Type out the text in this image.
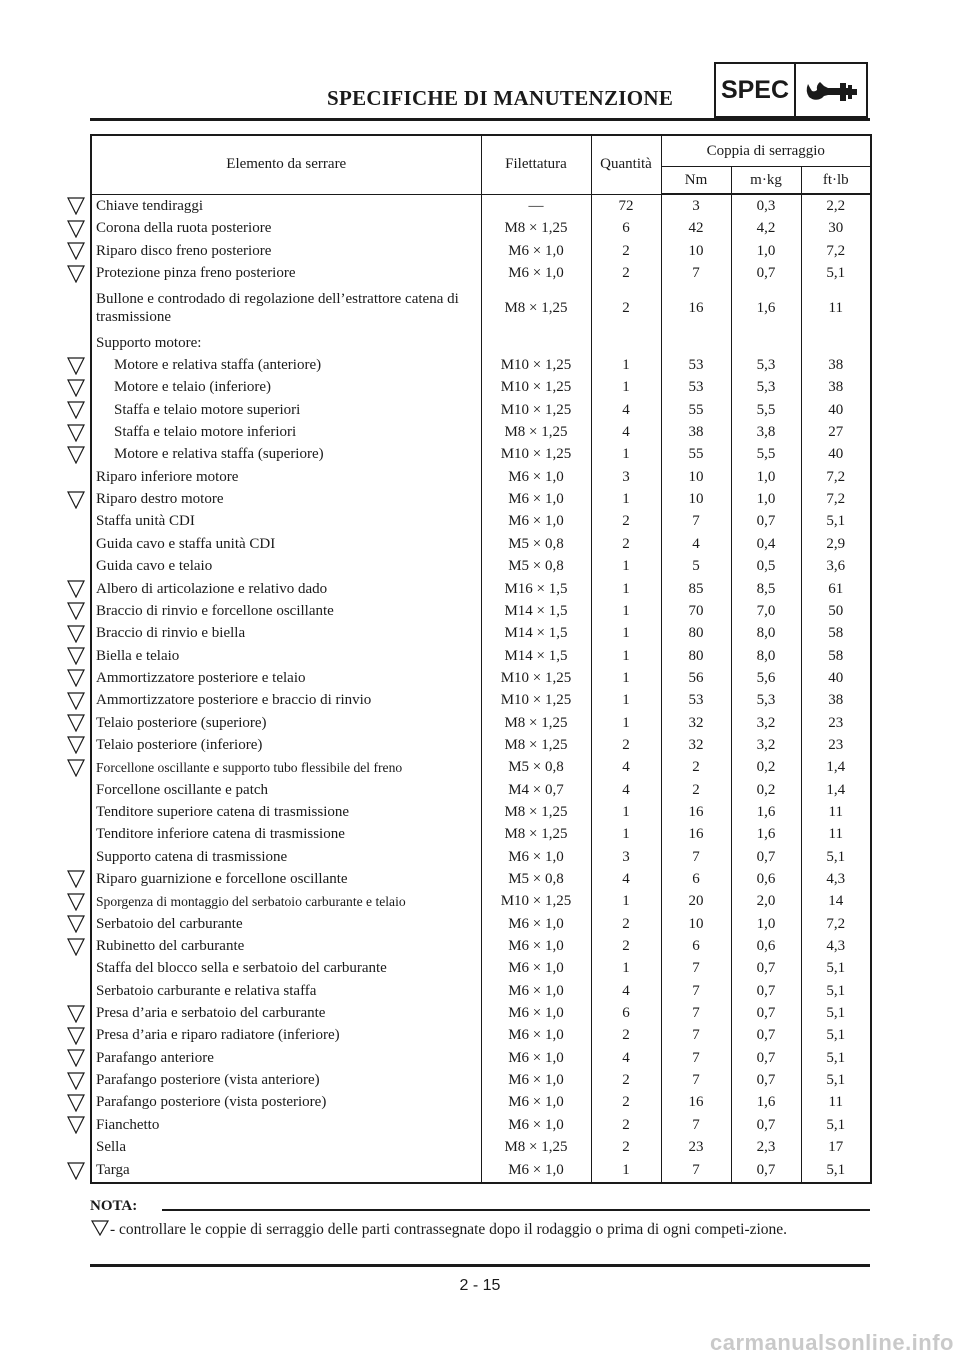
SPECIFICHE DI MANUTENZIONE SPEC
Elemento da serrare	Filettatura	Quantità	Coppia di serraggio		
			Nm	m·kg	ft·lb
Chiave tendiraggi	—	72	3	0,3	2,2
Corona della ruota posteriore	M8 × 1,25	6	42	4,2	30
Riparo disco freno posteriore	M6 × 1,0	2	10	1,0	7,2
Protezione pinza freno posteriore	M6 × 1,0	2	7	0,7	5,1
Bullone e controdado di regolazione dell’estrattore catena di trasmissione	M8 × 1,25	2	16	1,6	11
Supporto motore:					
Motore e relativa staffa (anteriore)	M10 × 1,25	1	53	5,3	38
Motore e telaio (inferiore)	M10 × 1,25	1	53	5,3	38
Staffa e telaio motore superiori	M10 × 1,25	4	55	5,5	40
Staffa e telaio motore inferiori	M8 × 1,25	4	38	3,8	27
Motore e relativa staffa (superiore)	M10 × 1,25	1	55	5,5	40
Riparo inferiore motore	M6 × 1,0	3	10	1,0	7,2
Riparo destro motore	M6 × 1,0	1	10	1,0	7,2
Staffa unità CDI	M6 × 1,0	2	7	0,7	5,1
Guida cavo e staffa unità CDI	M5 × 0,8	2	4	0,4	2,9
Guida cavo e telaio	M5 × 0,8	1	5	0,5	3,6
Albero di articolazione e relativo dado	M16 × 1,5	1	85	8,5	61
Braccio di rinvio e forcellone oscillante	M14 × 1,5	1	70	7,0	50
Braccio di rinvio e biella	M14 × 1,5	1	80	8,0	58
Biella e telaio	M14 × 1,5	1	80	8,0	58
Ammortizzatore posteriore e telaio	M10 × 1,25	1	56	5,6	40
Ammortizzatore posteriore e braccio di rinvio	M10 × 1,25	1	53	5,3	38
Telaio posteriore (superiore)	M8 × 1,25	1	32	3,2	23
Telaio posteriore (inferiore)	M8 × 1,25	2	32	3,2	23
Forcellone oscillante e supporto tubo flessibile del freno	M5 × 0,8	4	2	0,2	1,4
Forcellone oscillante e patch	M4 × 0,7	4	2	0,2	1,4
Tenditore superiore catena di trasmissione	M8 × 1,25	1	16	1,6	11
Tenditore inferiore catena di trasmissione	M8 × 1,25	1	16	1,6	11
Supporto catena di trasmissione	M6 × 1,0	3	7	0,7	5,1
Riparo guarnizione e forcellone oscillante	M5 × 0,8	4	6	0,6	4,3
Sporgenza di montaggio del serbatoio carburante e telaio	M10 × 1,25	1	20	2,0	14
Serbatoio del carburante	M6 × 1,0	2	10	1,0	7,2
Rubinetto del carburante	M6 × 1,0	2	6	0,6	4,3
Staffa del blocco sella e serbatoio del carburante	M6 × 1,0	1	7	0,7	5,1
Serbatoio carburante e relativa staffa	M6 × 1,0	4	7	0,7	5,1
Presa d’aria e serbatoio del carburante	M6 × 1,0	6	7	0,7	5,1
Presa d’aria e riparo radiatore (inferiore)	M6 × 1,0	2	7	0,7	5,1
Parafango anteriore	M6 × 1,0	4	7	0,7	5,1
Parafango posteriore (vista anteriore)	M6 × 1,0	2	7	0,7	5,1
Parafango posteriore (vista posteriore)	M6 × 1,0	2	16	1,6	11
Fianchetto	M6 × 1,0	2	7	0,7	5,1
Sella	M8 × 1,25	2	23	2,3	17
Targa	M6 × 1,0	1	7	0,7	5,1
NOTA:
- controllare le coppie di serraggio delle parti contrassegnate dopo il rodaggio o prima di ogni competi-zione.
2 - 15
carmanualsonline.info
